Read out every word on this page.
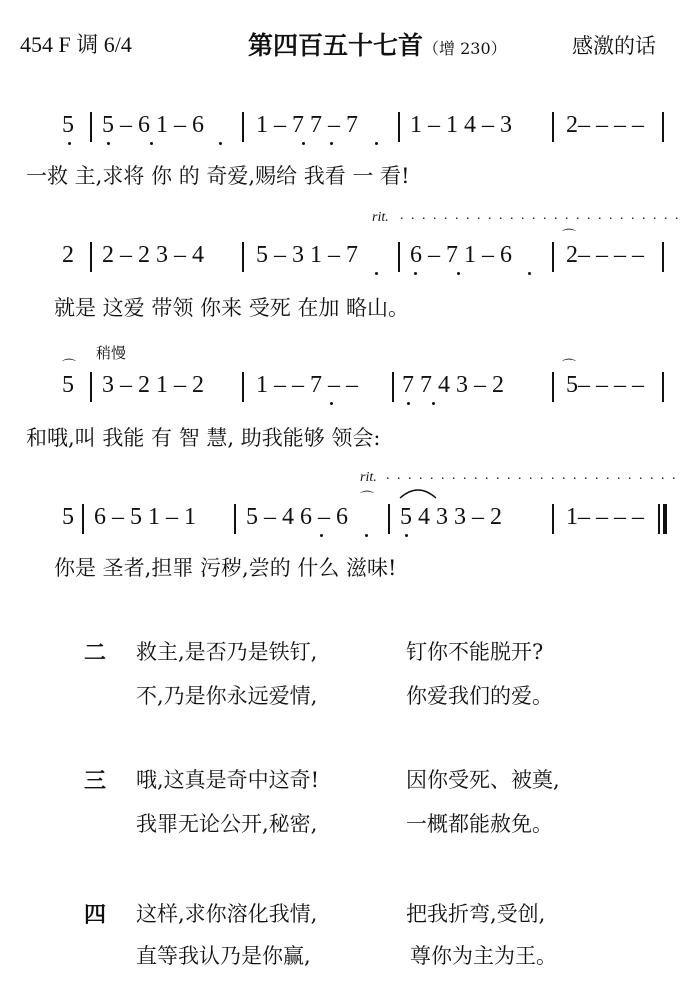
454 F 调 6/4	第四百五十七首（增 230）	感激的话
5 5 – 6 1 – 6 1 – 7 7 – 7 1 – 1 4 – 3 2– – – –
一救 主,求将 你 的 奇爱,赐给 我看 一 看!
rit. . . . . . . . . . . . . . . . . . . . . . . . . . .
2 2 – 2 3 – 4 5 – 3 1 – 7 6 – 7 1 – 6 2– – – –
⌒
就是 这爱 带领 你来 受死 在加 略山。
稍慢
⌒
5 3 – 2 1 – 2 1 – – 7 – – 7 7 4 3 – 2
⌒
5– – – –
和哦,叫 我能 有 智 慧, 助我能够 领会:
rit. . . . . . . . . . . . . . . . . . . . . . . . . . . .
⌒
5 6 – 5 1 – 1 5 – 4 6 – 6 5 4 3 3 – 2	1– – – –
你是 圣者,担罪 污秽,尝的 什么 滋味!
二 救主,是否乃是铁钉,	钉你不能脱开?
不,乃是你永远爱情,	你爱我们的爱。
三 哦,这真是奇中这奇!	因你受死、被奠,
我罪无论公开,秘密,	一概都能赦免。
四 这样,求你溶化我情,	把我折弯,受创,
直等我认乃是你赢,	尊你为主为王。
